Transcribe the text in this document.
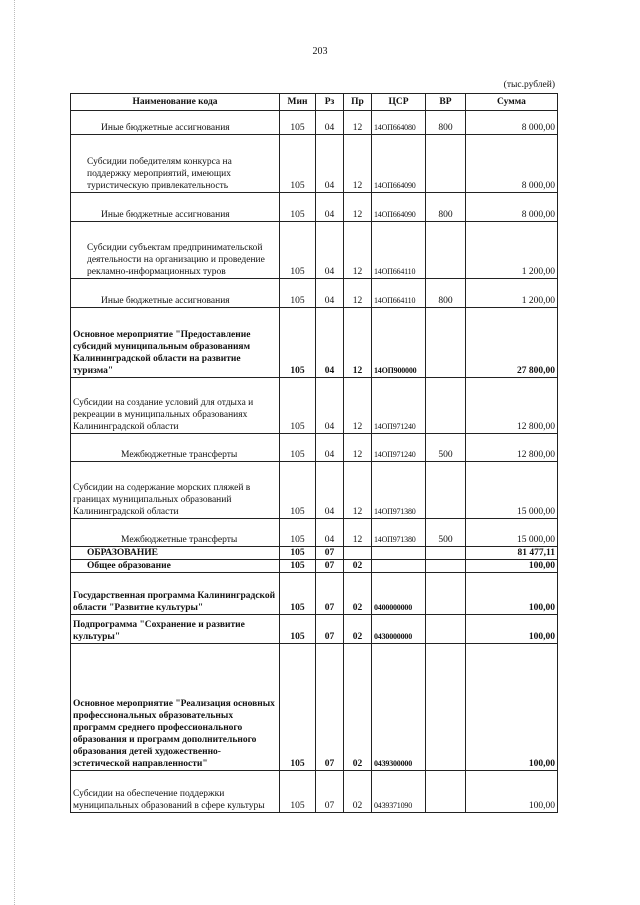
203
(тыс.рублей)
Наименование кода	Мин	Рз	Пр	ЦСР	ВР	Сумма
Иные бюджетные ассигнования	105	04	12	14ОП664080	800	8 000,00
Субсидии победителям конкурса на поддержку мероприятий, имеющих туристическую привлекательность	105	04	12	14ОП664090		8 000,00
Иные бюджетные ассигнования	105	04	12	14ОП664090	800	8 000,00
Субсидии субъектам предпринимательской деятельности на организацию и проведение рекламно-информационных туров	105	04	12	14ОП664110		1 200,00
Иные бюджетные ассигнования	105	04	12	14ОП664110	800	1 200,00
Основное мероприятие "Предоставление субсидий муниципальным образованиям Калининградской области на развитие туризма"	105	04	12	14ОП900000		27 800,00
Субсидии на создание условий для отдыха и рекреации в муниципальных образованиях Калининградской области	105	04	12	14ОП971240		12 800,00
Межбюджетные трансферты	105	04	12	14ОП971240	500	12 800,00
Субсидии на содержание морских пляжей в границах муниципальных образований Калининградской области	105	04	12	14ОП971380		15 000,00
Межбюджетные трансферты	105	04	12	14ОП971380	500	15 000,00
ОБРАЗОВАНИЕ	105	07				81 477,11
Общее образование	105	07	02			100,00
Государственная программа Калининградской области "Развитие культуры"	105	07	02	0400000000		100,00
Подпрограмма "Сохранение и развитие культуры"	105	07	02	0430000000		100,00
Основное мероприятие "Реализация основных профессиональных образовательных программ среднего профессионального образования и программ дополнительного образования детей художественно-эстетической направленности"	105	07	02	0439300000		100,00
Субсидии на обеспечение поддержки муниципальных образований в сфере культуры	105	07	02	0439371090		100,00
